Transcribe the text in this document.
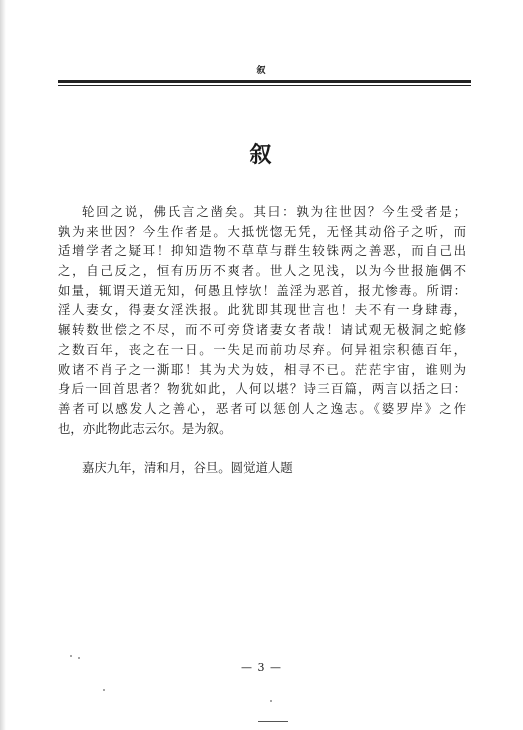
叙
叙
轮回之说，佛氏言之凿矣。其曰：孰为往世因？今生受者是；
孰为来世因？今生作者是。大抵恍惚无凭，无怪其动俗子之听，而
适增学者之疑耳！抑知造物不草草与群生较铢两之善恶，而自己出
之，自己反之，恒有历历不爽者。世人之见浅，以为今世报施偶不
如量，辄谓天道无知，何愚且悖欤！盖淫为恶首，报尤惨毒。所谓：
淫人妻女，得妻女淫泆报。此犹即其现世言也！夫不有一身肆毒，
辗转数世偿之不尽，而不可旁贷诸妻女者哉！请试观无极洞之蛇修
之数百年，丧之在一日。一失足而前功尽弃。何异祖宗积德百年，
败诸不肖子之一澌耶！其为犬为妓，相寻不已。茫茫宇宙，谁则为
身后一回首思者？物犹如此，人何以堪？诗三百篇，两言以括之曰：
善者可以感发人之善心，恶者可以惩创人之逸志。《婆罗岸》之作
也，亦此物此志云尔。是为叙。
嘉庆九年，清和月，谷旦。圆觉道人题
— 3 —
